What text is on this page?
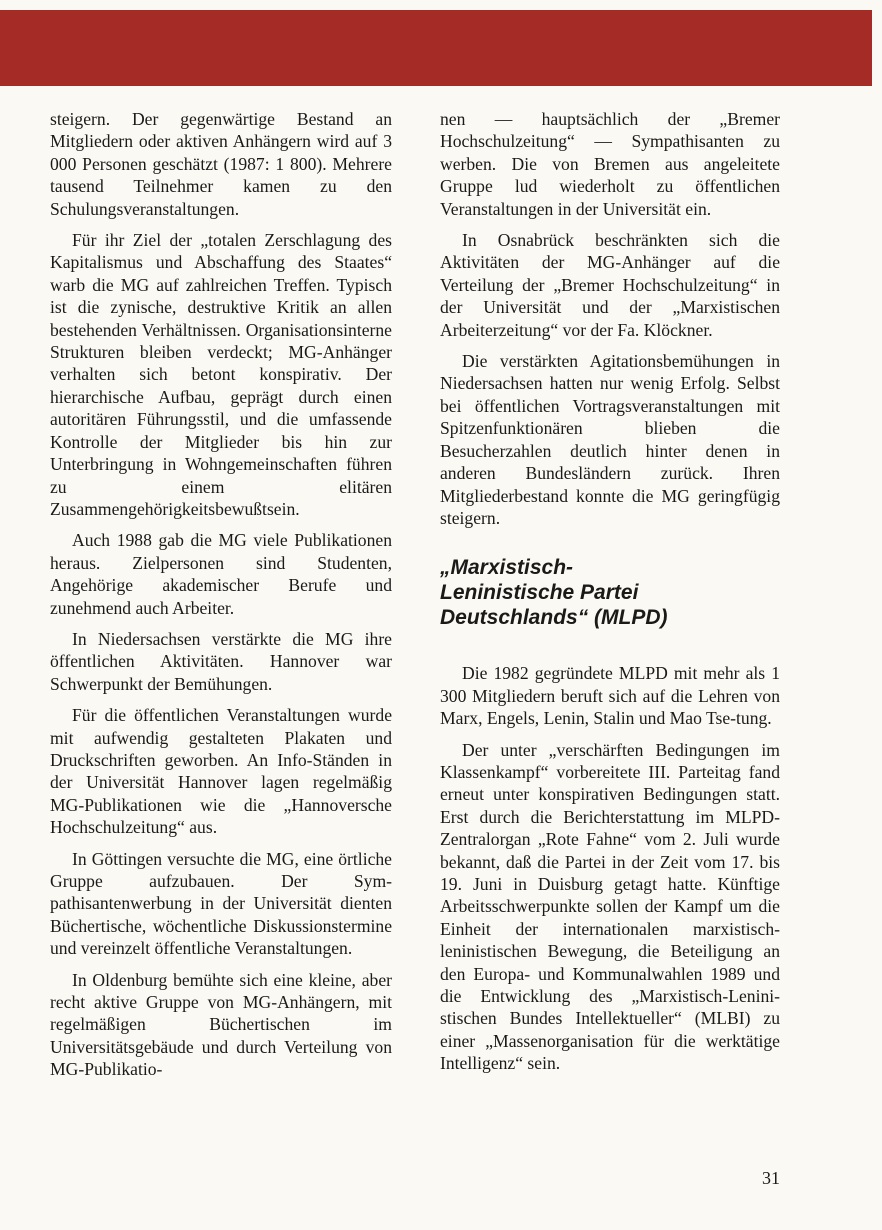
steigern. Der gegenwärtige Bestand an Mitgliedern oder aktiven Anhängern wird auf 3 000 Personen geschätzt (1987: 1 800). Mehrere tausend Teilnehmer kamen zu den Schulungsveranstaltungen.

Für ihr Ziel der „totalen Zerschlagung des Kapitalismus und Abschaffung des Staates“ warb die MG auf zahlreichen Treffen. Typisch ist die zynische, destruktive Kritik an allen bestehenden Verhältnissen. Organisationsinterne Strukturen bleiben verdeckt; MG-Anhänger verhalten sich betont konspirativ. Der hierarchische Aufbau, geprägt durch einen autoritären Führungsstil, und die umfassende Kontrolle der Mitglieder bis hin zur Unterbringung in Wohngemeinschaften führen zu einem elitären Zusammengehörigkeitsbewußtsein.

Auch 1988 gab die MG viele Publikationen heraus. Zielpersonen sind Studenten, Angehörige akademischer Berufe und zunehmend auch Arbeiter.

In Niedersachsen verstärkte die MG ihre öffentlichen Aktivitäten. Hannover war Schwerpunkt der Bemühungen.

Für die öffentlichen Veranstaltungen wurde mit aufwendig gestalteten Plakaten und Druckschriften geworben. An Info-Ständen in der Universität Hannover lagen regelmäßig MG-Publikationen wie die „Hannoversche Hochschulzeitung“ aus.

In Göttingen versuchte die MG, eine örtliche Gruppe aufzubauen. Der Sympathisantenwerbung in der Universität dienten Büchertische, wöchentliche Diskussionstermine und vereinzelt öffentliche Veranstaltungen.

In Oldenburg bemühte sich eine kleine, aber recht aktive Gruppe von MG-Anhängern, mit regelmäßigen Büchertischen im Universitätsgebäude und durch Verteilung von MG-Publikatio-

nen — hauptsächlich der „Bremer Hochschulzeitung“ — Sympathisanten zu werben. Die von Bremen aus angeleitete Gruppe lud wiederholt zu öffentlichen Veranstaltungen in der Universität ein.

In Osnabrück beschränkten sich die Aktivitäten der MG-Anhänger auf die Verteilung der „Bremer Hochschulzeitung“ in der Universität und der „Marxistischen Arbeiterzeitung“ vor der Fa. Klöckner.

Die verstärkten Agitationsbemühungen in Niedersachsen hatten nur wenig Erfolg. Selbst bei öffentlichen Vortragsveranstaltungen mit Spitzenfunktionären blieben die Besucherzahlen deutlich hinter denen in anderen Bundesländern zurück. Ihren Mitgliederbestand konnte die MG geringfügig steigern.

„Marxistisch-
Leninistische Partei
Deutschlands“ (MLPD)

Die 1982 gegründete MLPD mit mehr als 1 300 Mitgliedern beruft sich auf die Lehren von Marx, Engels, Lenin, Stalin und Mao Tse-tung.

Der unter „verschärften Bedingungen im Klassenkampf“ vorbereitete III. Parteitag fand erneut unter konspirativen Bedingungen statt. Erst durch die Berichterstattung im MLPD-Zentralorgan „Rote Fahne“ vom 2. Juli wurde bekannt, daß die Partei in der Zeit vom 17. bis 19. Juni in Duisburg getagt hatte. Künftige Arbeitsschwerpunkte sollen der Kampf um die Einheit der internationalen marxistisch-leninistischen Bewegung, die Beteiligung an den Europa- und Kommunalwahlen 1989 und die Entwicklung des „Marxistisch-Leninistischen Bundes Intellektueller“ (MLBI) zu einer „Massenorganisation für die werktätige Intelligenz“ sein.

31
